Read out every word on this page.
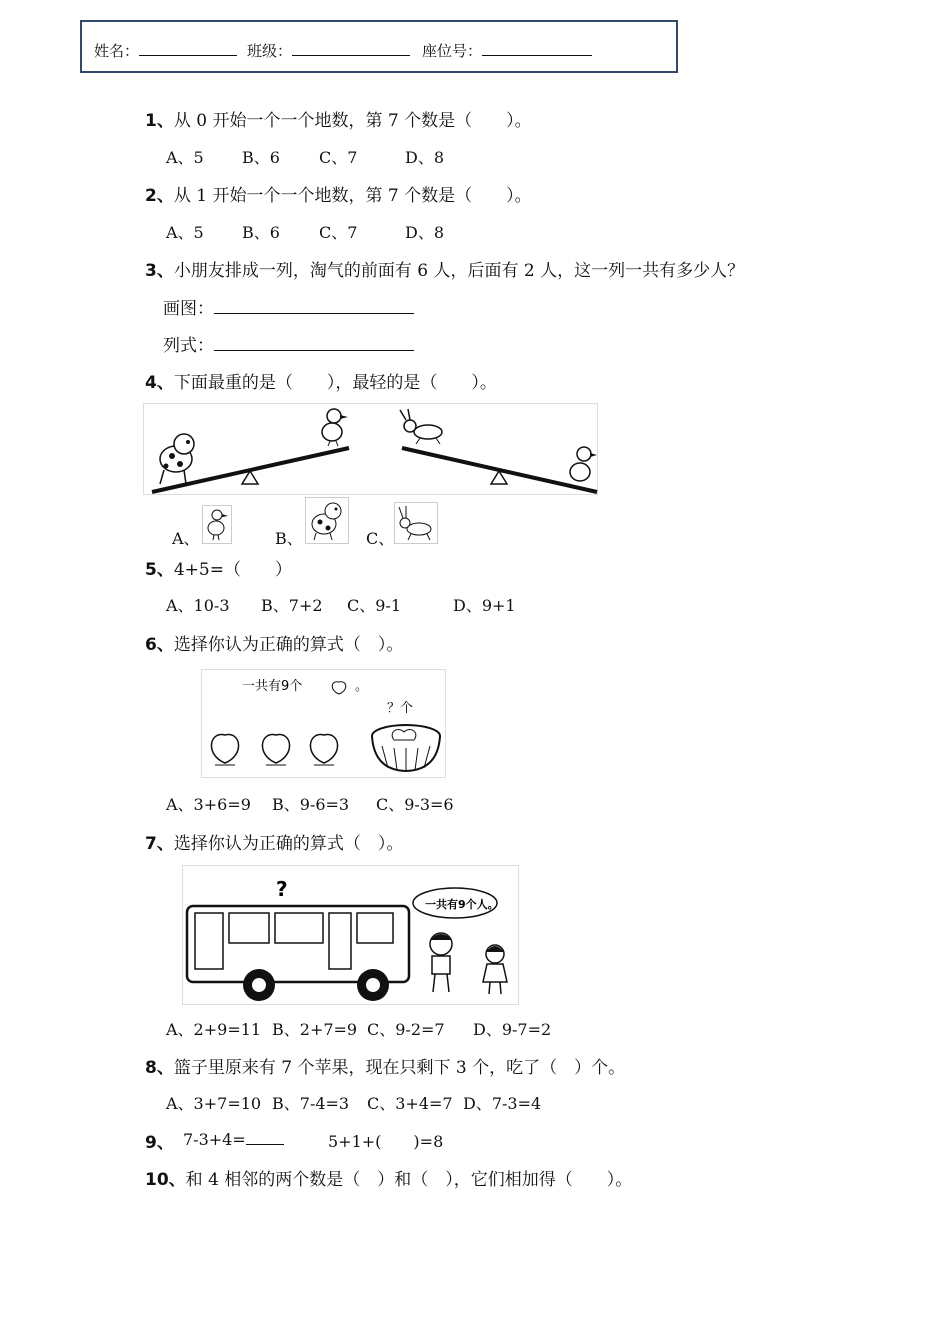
姓名：	班级：	座位号：
1、从 0 开始一个一个地数，第 7 个数是（　　）。
A、5 B、6 C、7	D、8
2、从 1 开始一个一个地数，第 7 个数是（　　）。
A、5 B、6 C、7	D、8
3、小朋友排成一列，淘气的前面有 6 人，后面有 2 人，这一列一共有多少人？
画图：
列式：
4、下面最重的是（　　），最轻的是（　　）。
A、	B、	C、
5、4+5=（　　）
A、10-3 B、7+2 C、9-1	D、9+1
6、选择你认为正确的算式（　）。
一共有9个	。
？个
A、3+6=9 B、9-6=3 C、9-3=6
7、选择你认为正确的算式（　）。
?
一共有9个人。
A、2+9=11 B、2+7=9 C、9-2=7 D、9-7=2
8、篮子里原来有 7 个苹果，现在只剩下 3 个，吃了（　）个。
A、3+7=10 B、7-4=3 C、3+4=7 D、7-3=4
9、 7-3+4=	5+1+(　　)=8
10、和 4 相邻的两个数是（　）和（　），它们相加得（　　）。
